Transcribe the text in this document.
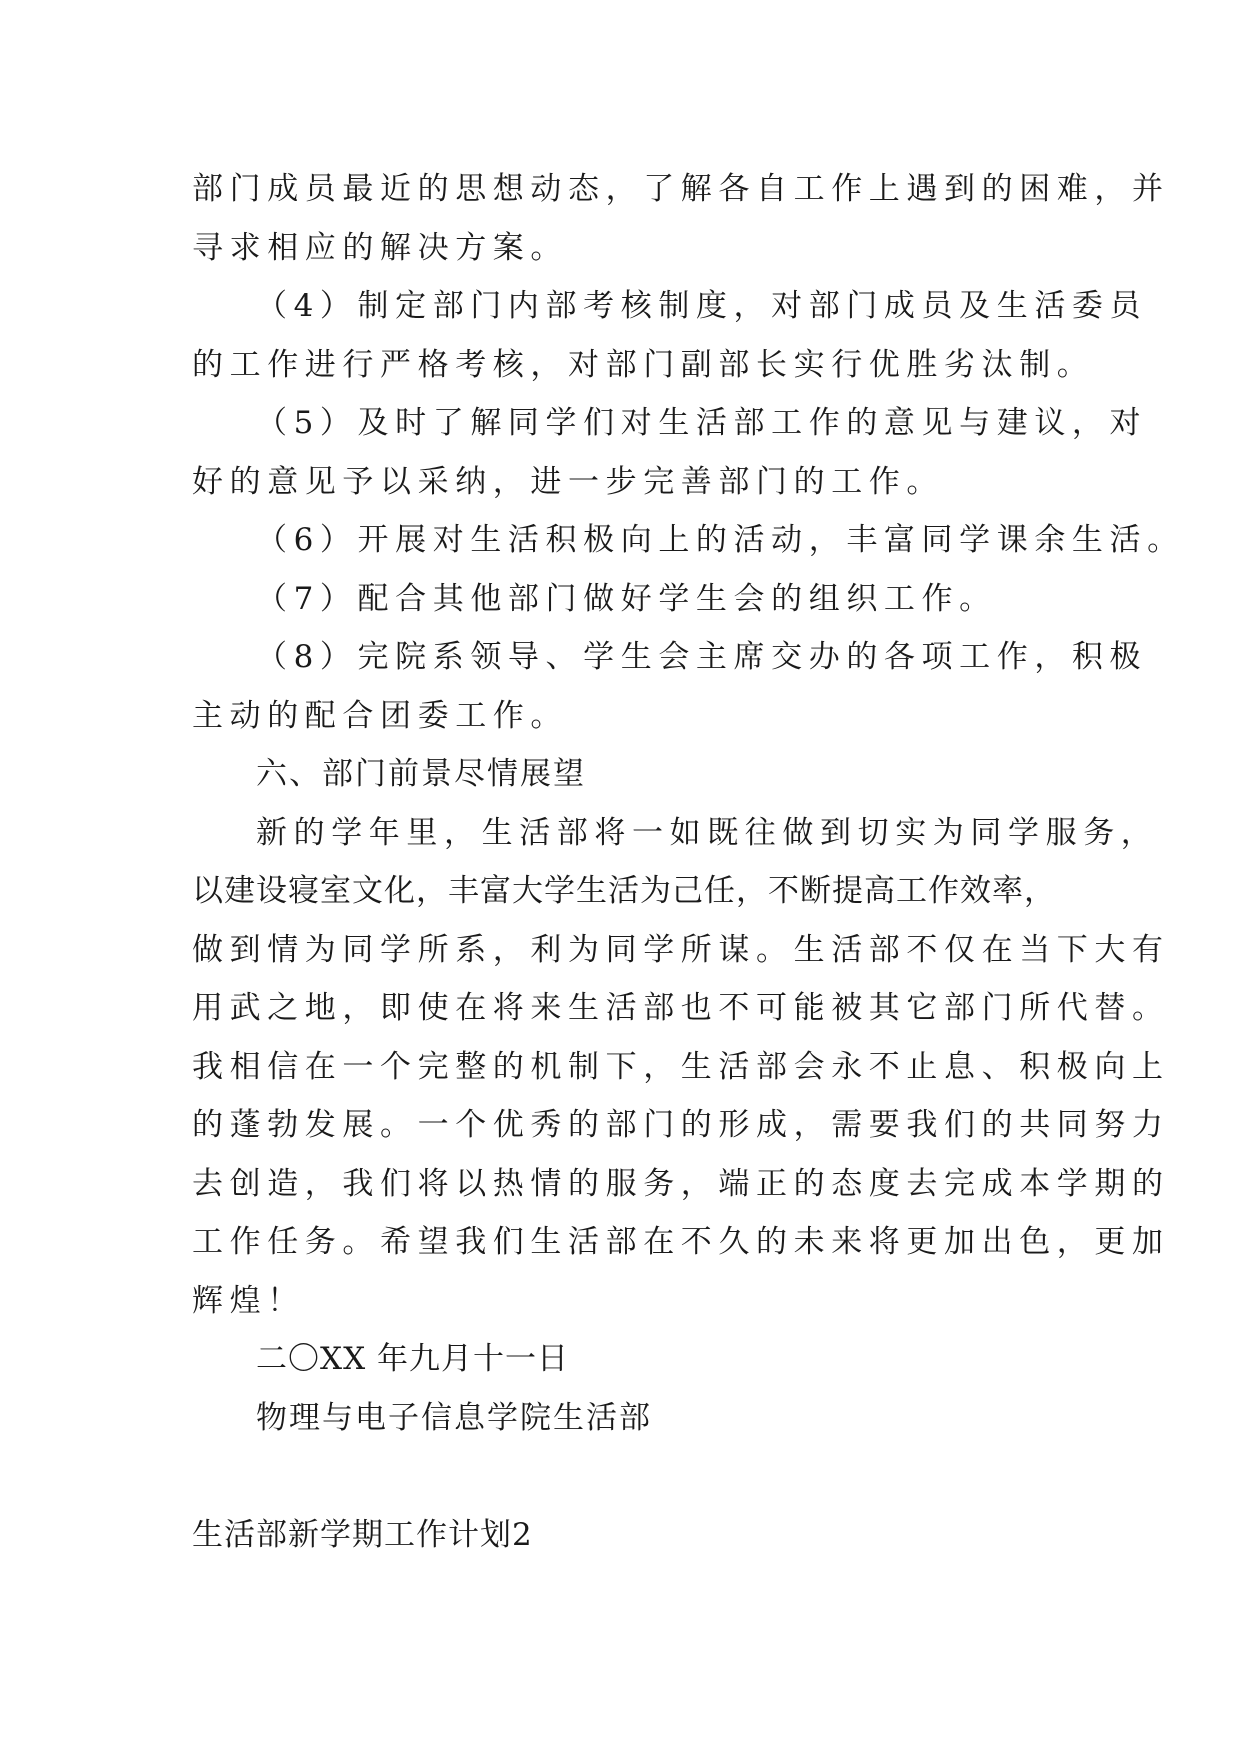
部门成员最近的思想动态，了解各自工作上遇到的困难，并
寻求相应的解决方案。
（4）制定部门内部考核制度，对部门成员及生活委员
的工作进行严格考核，对部门副部长实行优胜劣汰制。
（5）及时了解同学们对生活部工作的意见与建议，对
好的意见予以采纳，进一步完善部门的工作。
（6）开展对生活积极向上的活动，丰富同学课余生活。
（7）配合其他部门做好学生会的组织工作。
（8）完院系领导、学生会主席交办的各项工作，积极
主动的配合团委工作。
六、部门前景尽情展望
新的学年里，生活部将一如既往做到切实为同学服务，
以建设寝室文化，丰富大学生活为己任，不断提高工作效率，
做到情为同学所系，利为同学所谋。生活部不仅在当下大有
用武之地，即使在将来生活部也不可能被其它部门所代替。
我相信在一个完整的机制下，生活部会永不止息、积极向上
的蓬勃发展。一个优秀的部门的形成，需要我们的共同努力
去创造，我们将以热情的服务，端正的态度去完成本学期的
工作任务。希望我们生活部在不久的未来将更加出色，更加
辉煌！
二〇XX 年九月十一日
物理与电子信息学院生活部
生活部新学期工作计划2
